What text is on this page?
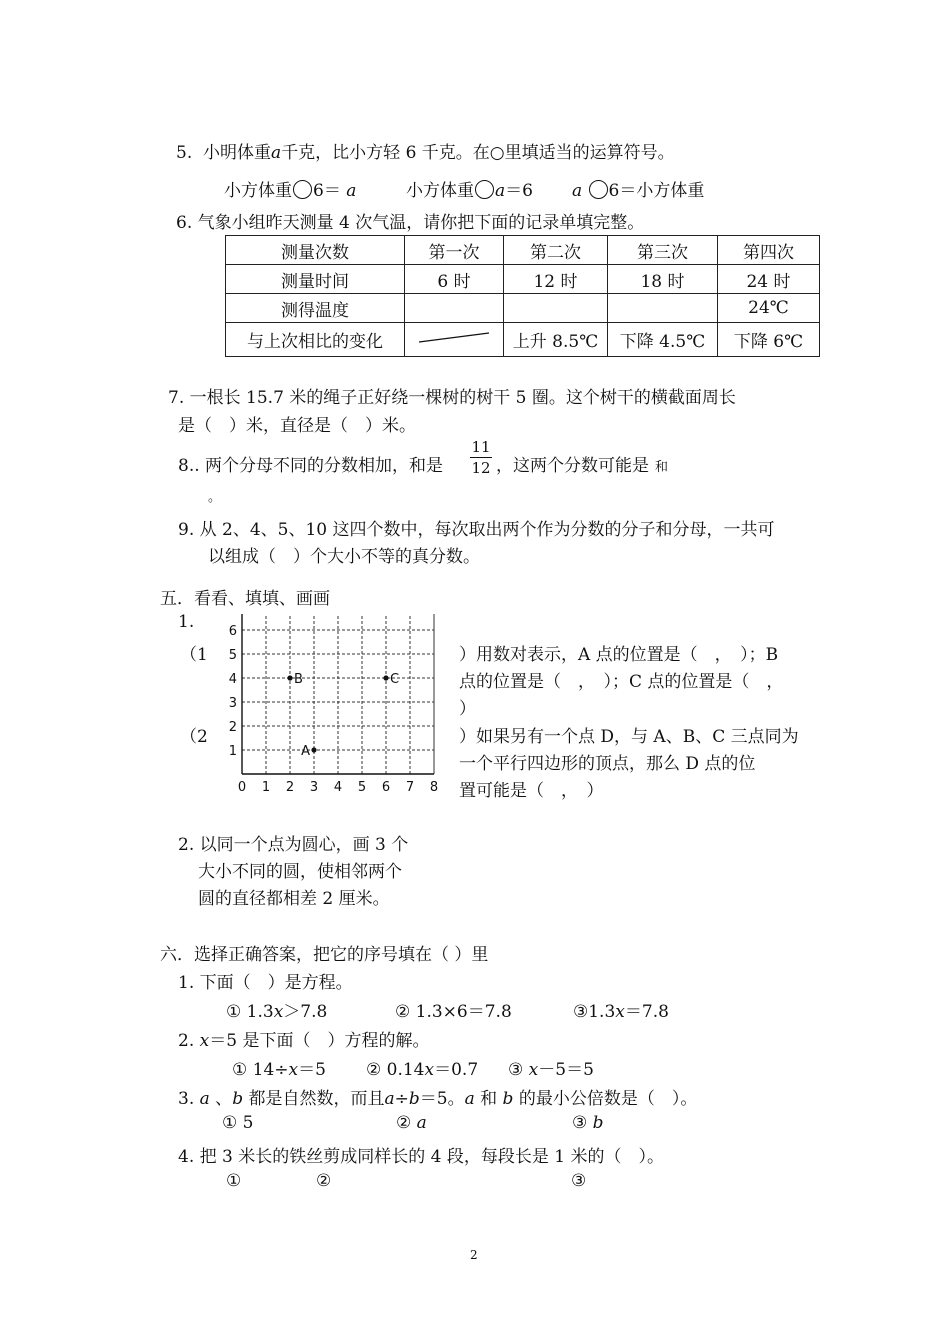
5. 小明体重a千克，比小方轻 6 千克。在○里填适当的运算符号。
小方体重 6＝ a	小方体重 a＝6 a 6＝小方体重
6. 气象小组昨天测量 4 次气温，请你把下面的记录单填完整。
测量次数	第一次	第二次	第三次	第四次
测量时间	6 时	12 时	18 时	24 时
测得温度				24℃
与上次相比的变化		上升 8.5℃	下降 4.5℃	下降 6℃
7. 一根长 15.7 米的绳子正好绕一棵树的树干 5 圈。这个树干的横截面周长
是（　）米，直径是（　）米。
8.. 两个分母不同的分数相加，和是
11
12 ，这两个分数可能是 和
。
9. 从 2、4、5、10 这四个数中，每次取出两个作为分数的分子和分母，一共可
以组成（　）个大小不等的真分数。
五．看看、填填、画画
1.
（1
（2
0 1 2 3 4 5 6 7 8
1
2
3
4
5
6
A
B	C
）用数对表示，A 点的位置是（　，　）；B
点的位置是（　，　）；C 点的位置是（　，
）
）如果另有一个点 D，与 A、B、C 三点同为
一个平行四边形的顶点，那么 D 点的位
置可能是（　，　）
2. 以同一个点为圆心，画 3 个
大小不同的圆，使相邻两个
圆的直径都相差 2 厘米。
六．选择正确答案，把它的序号填在（ ）里
1. 下面（　）是方程。
① 1.3x＞7.8	② 1.3×6＝7.8	③1.3x＝7.8
2. x＝5 是下面（　）方程的解。
① 14÷x＝5 ② 0.14x＝0.7 ③ x－5＝5
3. a 、b 都是自然数，而且a÷b＝5。a 和 b 的最小公倍数是（　）。
① 5	② a	③ b
4. 把 3 米长的铁丝剪成同样长的 4 段，每段长是 1 米的（　）。
①	②	③
2
